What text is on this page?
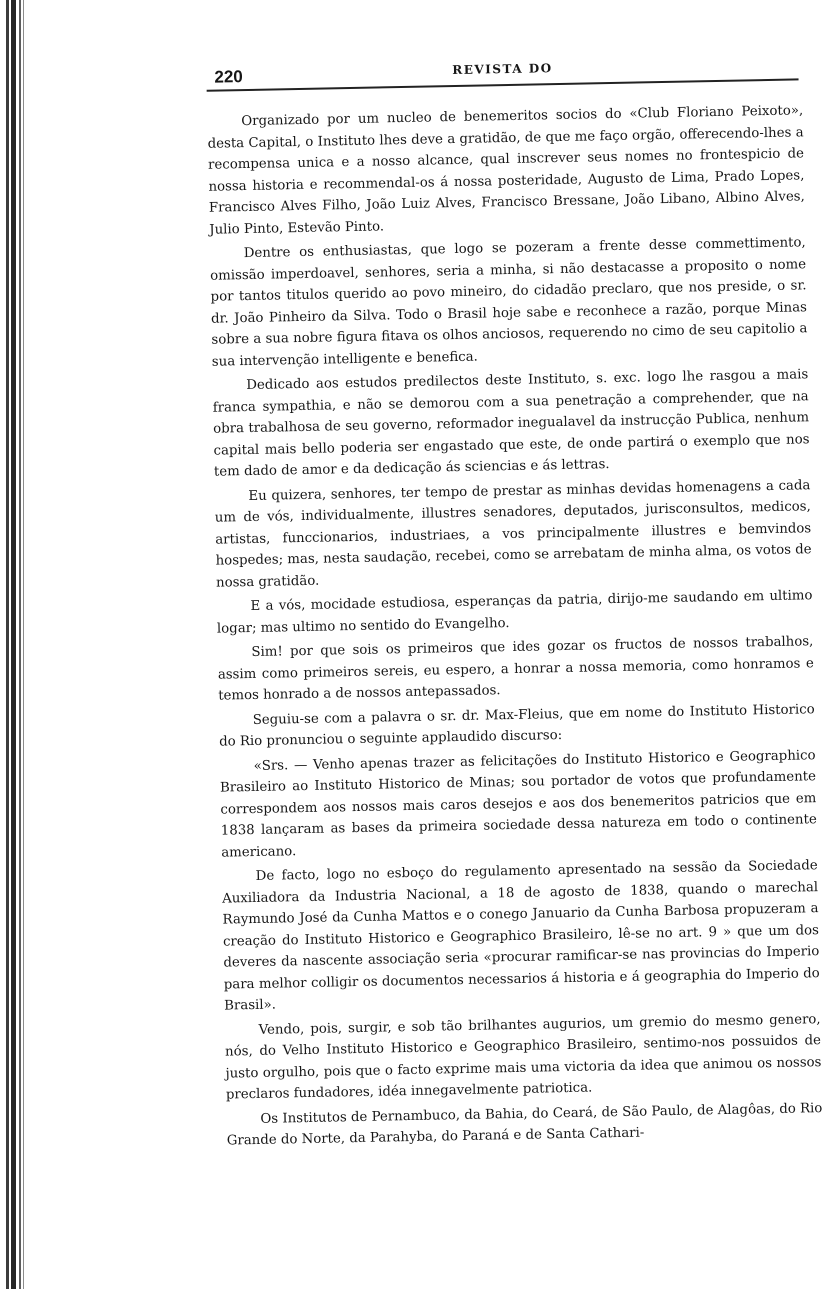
220	REVISTA DO

Organizado por um nucleo de benemeritos socios do «Club Floriano Peixoto», desta Capital, o Instituto lhes deve a gratidão, de que me faço orgão, offerecendo-lhes a recompensa unica e a nosso alcance, qual inscrever seus nomes no frontespicio de nossa historia e recommendal-os á nossa posteridade, Augusto de Lima, Prado Lopes, Francisco Alves Filho, João Luiz Alves, Francisco Bressane, João Libano, Albino Alves, Julio Pinto, Estevão Pinto.

Dentre os enthusiastas, que logo se pozeram a frente desse commettimento, omissão imperdoavel, senhores, seria a minha, si não destacasse a proposito o nome por tantos titulos querido ao povo mineiro, do cidadão preclaro, que nos preside, o sr. dr. João Pinheiro da Silva. Todo o Brasil hoje sabe e reconhece a razão, porque Minas sobre a sua nobre figura fitava os olhos anciosos, requerendo no cimo de seu capitolio a sua intervenção intelligente e benefica.

Dedicado aos estudos predilectos deste Instituto, s. exc. logo lhe rasgou a mais franca sympathia, e não se demorou com a sua penetração a comprehender, que na obra trabalhosa de seu governo, reformador inegualavel da instrucção Publica, nenhum capital mais bello poderia ser engastado que este, de onde partirá o exemplo que nos tem dado de amor e da dedicação ás sciencias e ás lettras.

Eu quizera, senhores, ter tempo de prestar as minhas devidas homenagens a cada um de vós, individualmente, illustres senadores, deputados, jurisconsultos, medicos, artistas, funccionarios, industriaes, a vos principalmente illustres e bemvindos hospedes; mas, nesta saudação, recebei, como se arrebatam de minha alma, os votos de nossa gratidão.

E a vós, mocidade estudiosa, esperanças da patria, dirijo-me saudando em ultimo logar; mas ultimo no sentido do Evangelho.

Sim! por que sois os primeiros que ides gozar os fructos de nossos trabalhos, assim como primeiros sereis, eu espero, a honrar a nossa memoria, como honramos e temos honrado a de nossos antepassados.

Seguiu-se com a palavra o sr. dr. Max-Fleius, que em nome do Instituto Historico do Rio pronunciou o seguinte applaudido discurso:

«Srs. — Venho apenas trazer as felicitações do Instituto Historico e Geographico Brasileiro ao Instituto Historico de Minas; sou portador de votos que profundamente correspondem aos nossos mais caros desejos e aos dos benemeritos patricios que em 1838 lançaram as bases da primeira sociedade dessa natureza em todo o continente americano.

De facto, logo no esboço do regulamento apresentado na sessão da Sociedade Auxiliadora da Industria Nacional, a 18 de agosto de 1838, quando o marechal Raymundo José da Cunha Mattos e o conego Januario da Cunha Barbosa propuzeram a creação do Instituto Historico e Geographico Brasileiro, lê-se no art. 9 » que um dos deveres da nascente associação seria «procurar ramificar-se nas provincias do Imperio para melhor colligir os documentos necessarios á historia e á geographia do Imperio do Brasil».

Vendo, pois, surgir, e sob tão brilhantes augurios, um gremio do mesmo genero, nós, do Velho Instituto Historico e Geographico Brasileiro, sentimo-nos possuidos de justo orgulho, pois que o facto exprime mais uma victoria da idea que animou os nossos preclaros fundadores, idéa innegavelmente patriotica.

Os Institutos de Pernambuco, da Bahia, do Ceará, de São Paulo, de Alagôas, do Rio Grande do Norte, da Parahyba, do Paraná e de Santa Cathari-
